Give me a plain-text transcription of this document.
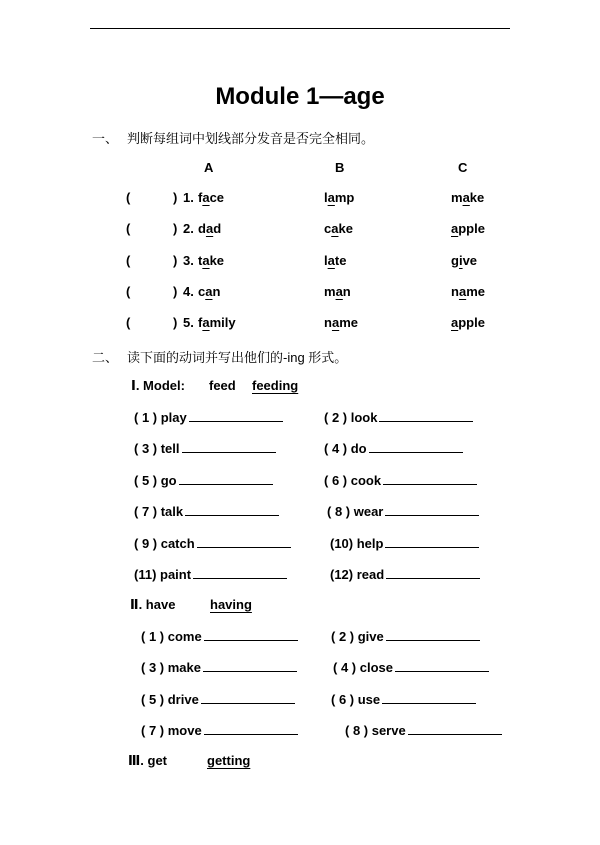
Module 1—age
一、 判断每组词中划线部分发音是否完全相同。
A	B	C
(	) 1. face	lamp	make
(	) 2. dad	cake	apple
(	) 3. take	late	give
(	) 4. can	man	name
(	) 5. family	name	apple
二、 读下面的动词并写出他们的-ing 形式。
Ⅰ. Model: feed feeding
( 1 ) play	( 2 ) look
( 3 ) tell	( 4 ) do
( 5 ) go	( 6 ) cook
( 7 ) talk	( 8 ) wear
( 9 ) catch	(10) help
(11) paint	(12) read
Ⅱ. have	having
( 1 ) come	( 2 ) give
( 3 ) make	( 4 ) close
( 5 ) drive	( 6 ) use
( 7 ) move	( 8 ) serve
Ⅲ. get	getting
